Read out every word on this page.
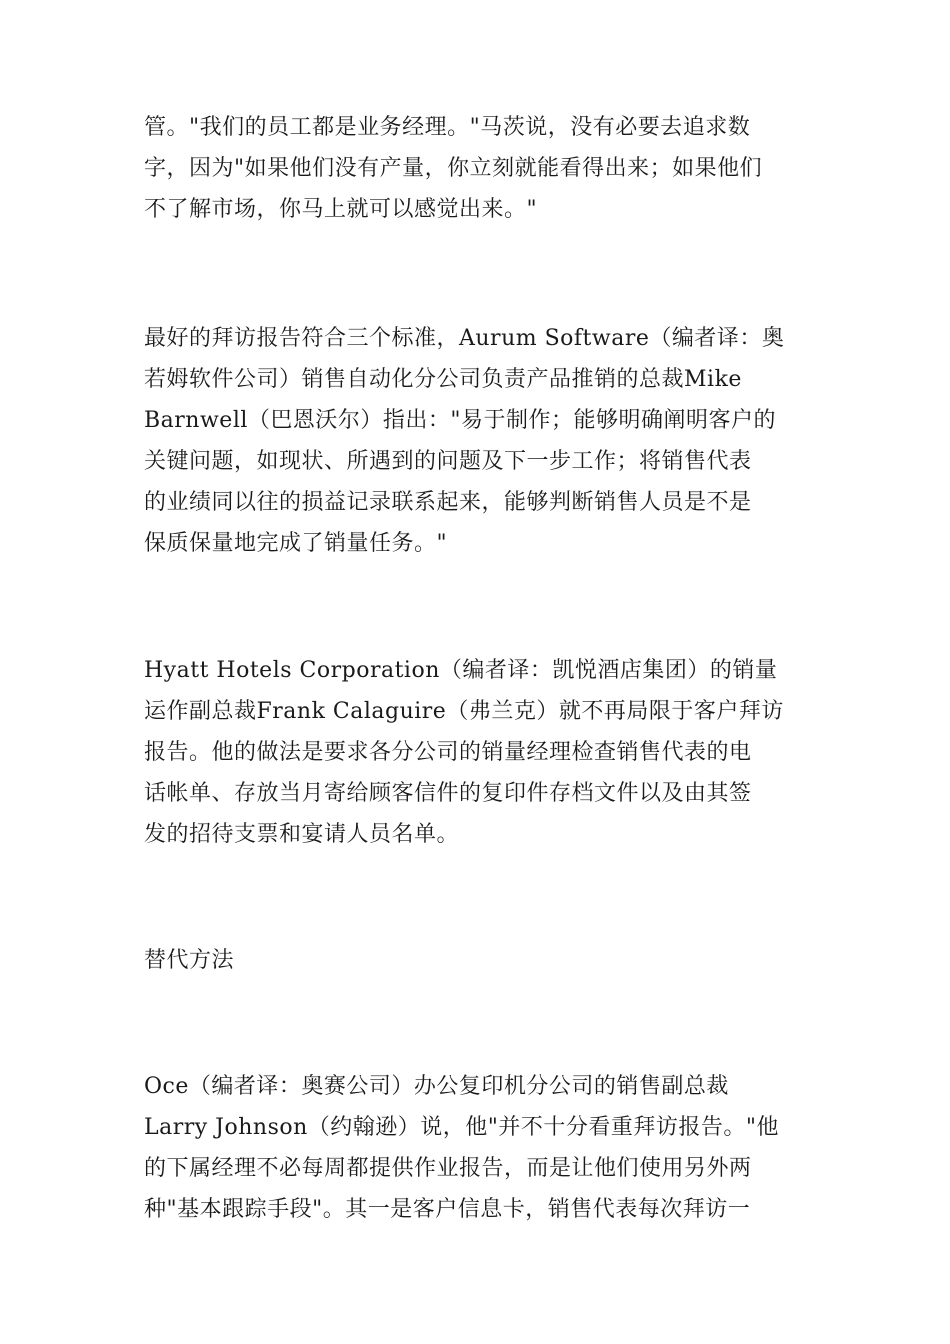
管。"我们的员工都是业务经理。"马茨说，没有必要去追求数
字，因为"如果他们没有产量，你立刻就能看得出来；如果他们
不了解市场，你马上就可以感觉出来。"

最好的拜访报告符合三个标准，Aurum Software（编者译：奥
若姆软件公司）销售自动化分公司负责产品推销的总裁Mike
Barnwell（巴恩沃尔）指出："易于制作；能够明确阐明客户的
关键问题，如现状、所遇到的问题及下一步工作；将销售代表
的业绩同以往的损益记录联系起来，能够判断销售人员是不是
保质保量地完成了销量任务。"

Hyatt Hotels Corporation（编者译：凯悦酒店集团）的销量
运作副总裁Frank Calaguire（弗兰克）就不再局限于客户拜访
报告。他的做法是要求各分公司的销量经理检查销售代表的电
话帐单、存放当月寄给顾客信件的复印件存档文件以及由其签
发的招待支票和宴请人员名单。

替代方法

Oce（编者译：奥赛公司）办公复印机分公司的销售副总裁
Larry Johnson（约翰逊）说，他"并不十分看重拜访报告。"他
的下属经理不必每周都提供作业报告，而是让他们使用另外两
种"基本跟踪手段"。其一是客户信息卡，销售代表每次拜访一
